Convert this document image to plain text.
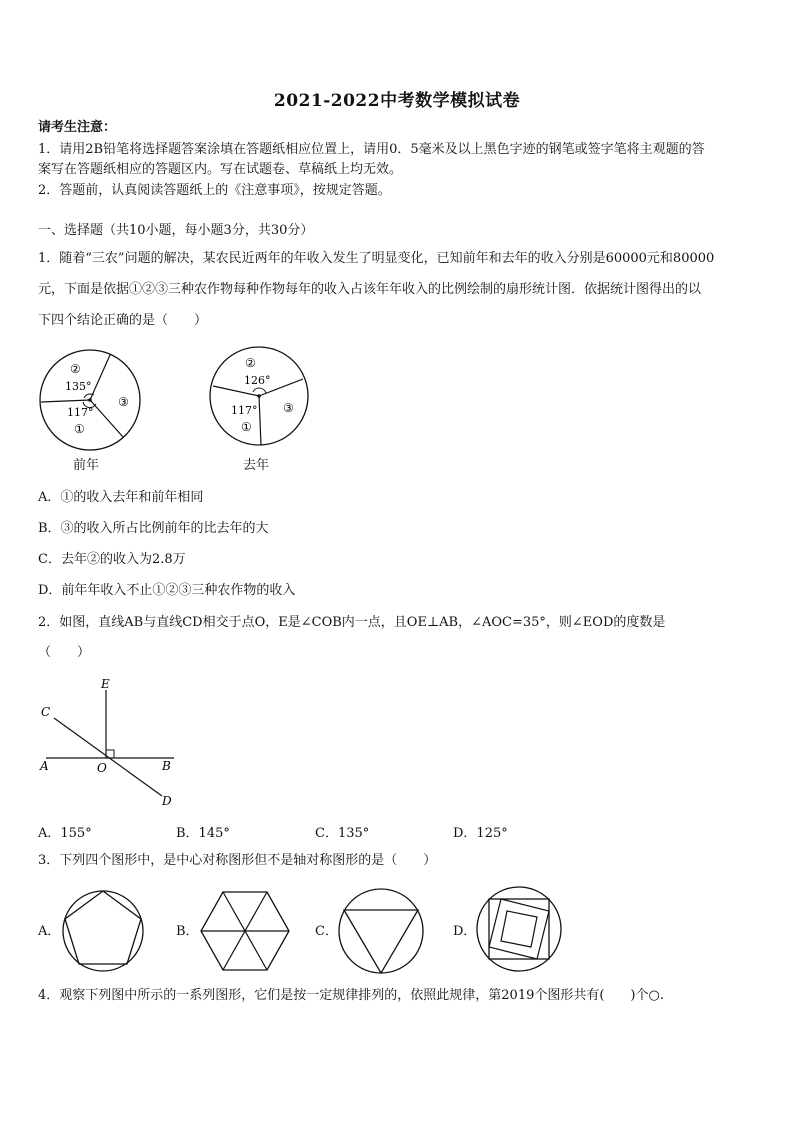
2021-2022中考数学模拟试卷
请考生注意：
1．请用2B铅笔将选择题答案涂填在答题纸相应位置上，请用0．5毫米及以上黑色字迹的钢笔或签字笔将主观题的答
案写在答题纸相应的答题区内。写在试题卷、草稿纸上均无效。
2．答题前，认真阅读答题纸上的《注意事项》，按规定答题。
一、选择题（共10小题，每小题3分，共30分）
1．随着“三农”问题的解决，某农民近两年的年收入发生了明显变化，已知前年和去年的收入分别是60000元和80000
元，下面是依据①②③三种农作物每种作物每年的收入占该年年收入的比例绘制的扇形统计图．依据统计图得出的以
下四个结论正确的是（　　）
②
135°
117°
①
③
前年
②
126°
117°
①
③
去年
A．①的收入去年和前年相同
B．③的收入所占比例前年的比去年的大
C．去年②的收入为2.8万
D．前年年收入不止①②③三种农作物的收入
2．如图，直线AB与直线CD相交于点O，E是∠COB内一点，且OE⊥AB，∠AOC=35°，则∠EOD的度数是
（　　）
E
C
A	O	B
D
A．155°	B．145°	C．135°	D．125°
3．下列四个图形中，是中心对称图形但不是轴对称图形的是（　　）
A．	B．	C．	D．
4．观察下列图中所示的一系列图形，它们是按一定规律排列的，依照此规律，第2019个图形共有(　　)个○.
